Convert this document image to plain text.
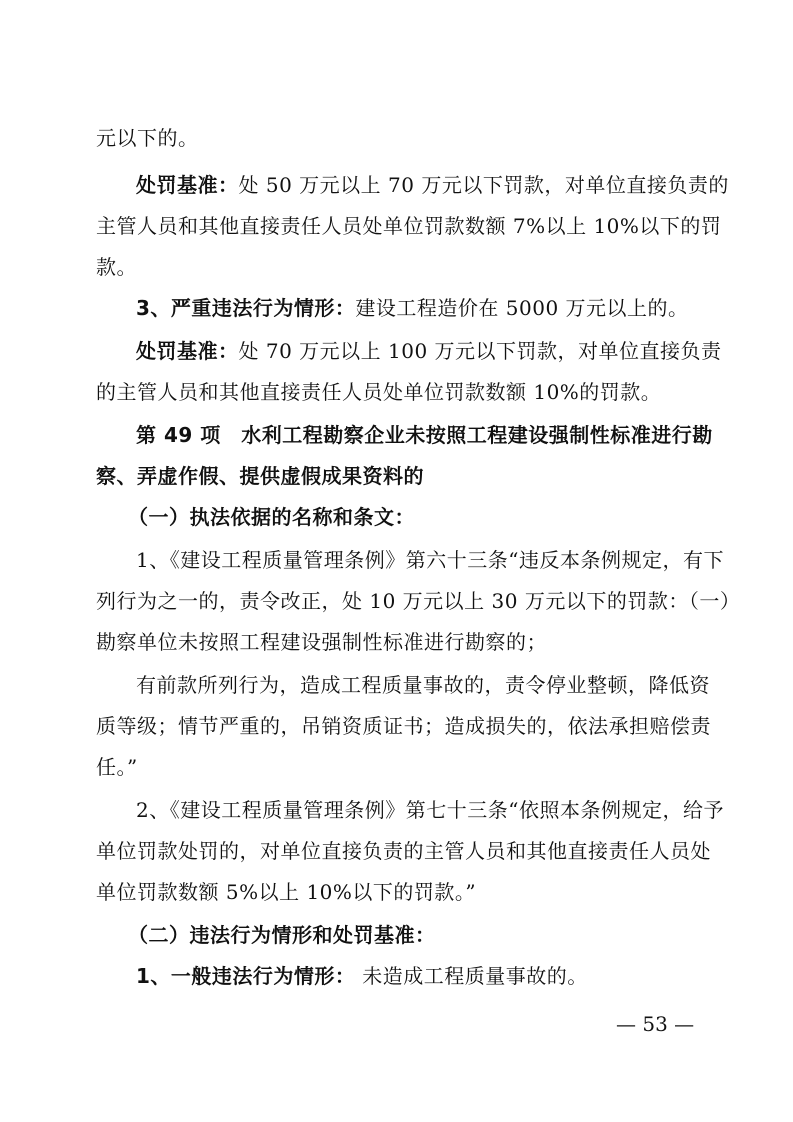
元以下的。
处罚基准：处 50 万元以上 70 万元以下罚款，对单位直接负责的
主管人员和其他直接责任人员处单位罚款数额 7%以上 10%以下的罚
款。
3、严重违法行为情形：建设工程造价在 5000 万元以上的。
处罚基准：处 70 万元以上 100 万元以下罚款，对单位直接负责
的主管人员和其他直接责任人员处单位罚款数额 10%的罚款。
第 49 项　水利工程勘察企业未按照工程建设强制性标准进行勘
察、弄虚作假、提供虚假成果资料的
（一）执法依据的名称和条文：
1、《建设工程质量管理条例》第六十三条“违反本条例规定，有下
列行为之一的，责令改正，处 10 万元以上 30 万元以下的罚款：（一）
勘察单位未按照工程建设强制性标准进行勘察的；
有前款所列行为，造成工程质量事故的，责令停业整顿，降低资
质等级；情节严重的，吊销资质证书；造成损失的，依法承担赔偿责
任。”
2、《建设工程质量管理条例》第七十三条“依照本条例规定，给予
单位罚款处罚的，对单位直接负责的主管人员和其他直接责任人员处
单位罚款数额 5%以上 10%以下的罚款。”
（二）违法行为情形和处罚基准：
1、一般违法行为情形： 未造成工程质量事故的。
— 53 —
